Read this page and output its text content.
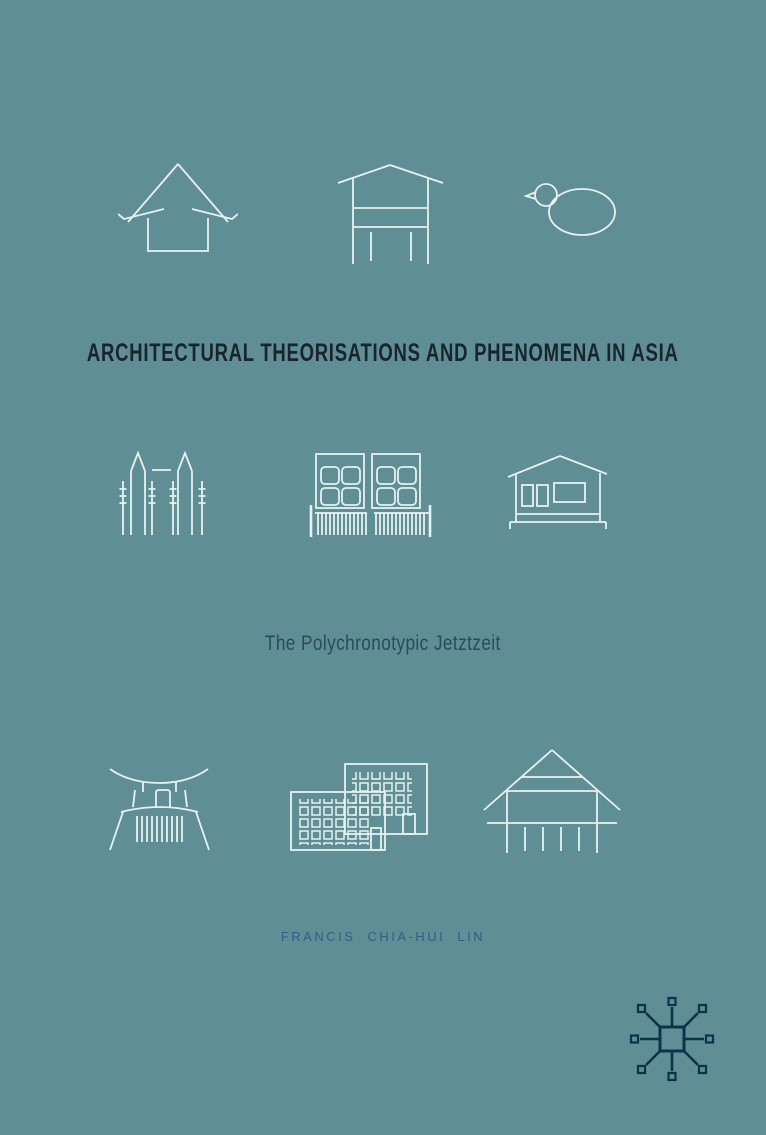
ARCHITECTURAL THEORISATIONS AND PHENOMENA IN ASIA
The Polychronotypic Jetztzeit
FRANCIS CHIA-HUI LIN
